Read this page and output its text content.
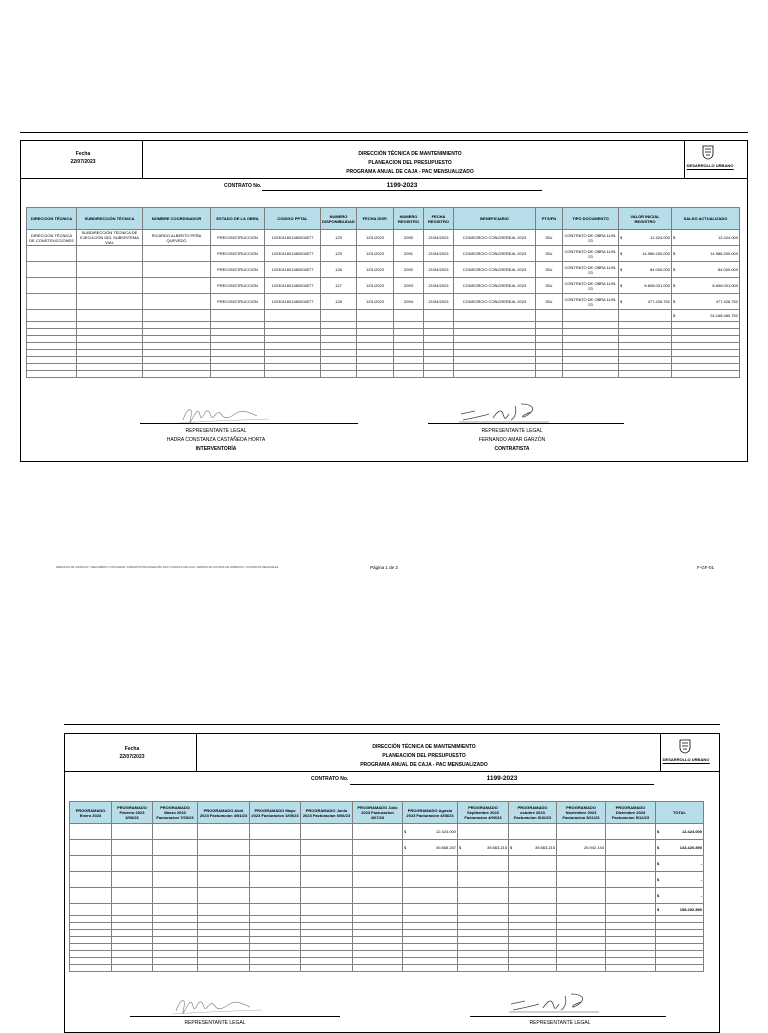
Fecha
22/07/2023
DIRECCIÓN TÉCNICA DE MANTENIMIENTO
PLANEACION DEL PRESUPUESTO
PROGRAMA ANUAL DE CAJA - PAC MENSUALIZADO
DESARROLLO URBANO
CONTRATO No.	1199-2023
DIRECCION TÉCNICA	SUBDIRECCIÓN TÉCNICA	NOMBRE COORDINADOR	ESTADO DE LA OBRA	CODIGO PPTAL	NUMERO DISPONIBILIDAD	FECHA DISP.	NUMERO REGISTRO	FECHA REGISTRO	BENEFICIARIO	PTS/FN	TIPO DOCUMENTO	VALOR INICIAL REGISTRO	SALDO ACTUALIZADO
DIRECCION TÉCNICA DE CONSTRUCCIONES	SUBDIRECCIÓN TÉCNICA DE EJECUCIÓN DEL SUBSISTEMA VIAL	RICARDO ALBERTO PEÑA QUEVEDO	PRECONSTRUCCION	1023011601480000077	125	1/01/2023	2090	21/04/2023	CONSORCIO CONCREREAL 2023	IDU	CONTRATO DE OBRA 1199-23	$ 12.424.000	$ 12.424.000

			PRECONSTRUCCION	1023011601480000077	125	1/01/2023	2091	21/04/2023	CONSORCIO CONCREREAL 2023	IDU	CONTRATO DE OBRA 1199-23	$ 14.986.200.000	$ 14.986.200.000

			PRECONSTRUCCION	1023011601480000077	126	1/01/2023	2092	21/04/2023	CONSORCIO CONCREREAL 2023	IDU	CONTRATO DE OBRA 1199-23	$ 84.000.000	$ 84.000.000

			PRECONSTRUCCION	1023011601480000077	127	1/01/2023	2093	21/04/2023	CONSORCIO CONCREREAL 2023	IDU	CONTRATO DE OBRA 1199-23	$ 8.608.001.000	$ 8.608.001.000

			PRECONSTRUCCION	1023011601480000077	128	1/01/2023	2094	21/04/2023	CONSORCIO CONCREREAL 2023	IDU	CONTRATO DE OBRA 1199-23	$ 477.426.752	$ 477.426.752

													$ 24.168.480.752

REPRESENTANTE LEGAL
HADRA CONSTANZA CASTAÑEDA HORTA
INTERVENTORÍA
REPRESENTANTE LEGAL
FERNANDO AMAR GARZÓN
CONTRATISTA
DIRECCION DE CONSULTA Y SEGUIMIENTO / PROGRAMA / FORMATOS PROGRAMA AÑO 2023 / CONSULTA DE CAJA / VERSION DE CONTROL DE FORMATOS / CONTRATOS REGIONALES	Página 1 de 2	F-GF-01
Fecha
22/07/2023
DIRECCIÓN TÉCNICA DE MANTENIMIENTO
PLANEACION DEL PRESUPUESTO
PROGRAMA ANUAL DE CAJA - PAC MENSUALIZADO
DESARROLLO URBANO
CONTRATO No.	1199-2023
PROGRAMADO Enero 2023	PROGRAMADO Febrero 2023 3/06/23	PROGRAMADO Marzo 2023 Facturacion 7/03/23	PROGRAMADO Abril 2023 Facturacion 4/04/23	PROGRAMADO Mayo 2023 Facturacion 3/05/23	PROGRAMADO Junio 2023 Facturacion 6/06/23	PROGRAMADO Julio 2023 Facturacion 4/07/23	PROGRAMADO Agosto 2023 Facturacion 4/08/23	PROGRAMADO Septiembre 2023 Facturacion 4/09/23	PROGRAMADO octubre 2023 Facturacion 5/10/23	PROGRAMADO Noviembre 2023 Facturacion 5/11/23	PROGRAMADO Diciembre 2023 Facturacion 5/12/23	TOTAL

							$ 12.424.000					$ 12.424.000

							$ 39.868.287	$ 39.863.215	$ 39.863.215	26.942.143		$ 143.420.890

												$ -

												$ -

												$ -

												$ 158.292.890

REPRESENTANTE LEGAL	REPRESENTANTE LEGAL
